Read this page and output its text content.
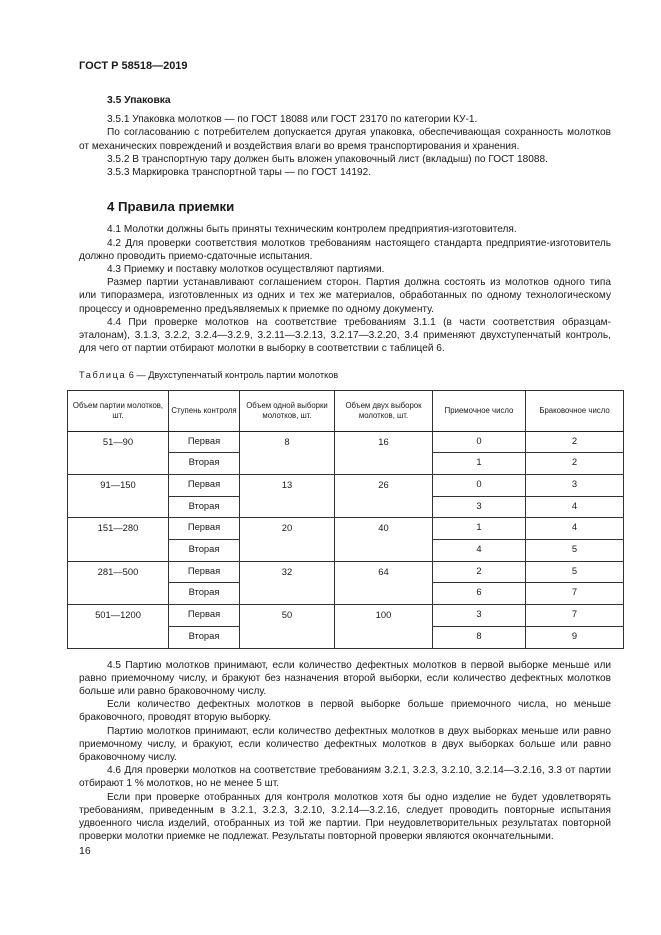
ГОСТ Р 58518—2019
3.5 Упаковка

3.5.1 Упаковка молотков — по ГОСТ 18088 или ГОСТ 23170 по категории КУ-1.

По согласованию с потребителем допускается другая упаковка, обеспечивающая сохранность молотков от механических повреждений и воздействия влаги во время транспортирования и хранения.

3.5.2 В транспортную тару должен быть вложен упаковочный лист (вкладыш) по ГОСТ 18088.

3.5.3 Маркировка транспортной тары — по ГОСТ 14192.

4 Правила приемки

4.1 Молотки должны быть приняты техническим контролем предприятия-изготовителя.

4.2 Для проверки соответствия молотков требованиям настоящего стандарта предприятие-изготовитель должно проводить приемо-сдаточные испытания.

4.3 Приемку и поставку молотков осуществляют партиями.

Размер партии устанавливают соглашением сторон. Партия должна состоять из молотков одного типа или типоразмера, изготовленных из одних и тех же материалов, обработанных по одному технологическому процессу и одновременно предъявляемых к приемке по одному документу.

4.4 При проверке молотков на соответствие требованиям 3.1.1 (в части соответствия образцам-эталонам), 3.1.3, 3.2.2, 3.2.4—3.2.9, 3.2.11—3.2.13, 3.2.17—3.2.20, 3.4 применяют двухступенчатый контроль, для чего от партии отбирают молотки в выборку в соответствии с таблицей 6.

Таблица 6 — Двухступенчатый контроль партии молотков
Объем партии молотков, шт.	Ступень контроля	Объем одной выборки молотков, шт.	Объем двух выборок молотков, шт.	Приемочное число	Браковочное число
51—90	Первая	8	16	0	2
	Вторая			1	2
91—150	Первая	13	26	0	3
	Вторая			3	4
151—280	Первая	20	40	1	4
	Вторая			4	5
281—500	Первая	32	64	2	5
	Вторая			6	7
501—1200	Первая	50	100	3	7
	Вторая			8	9

4.5 Партию молотков принимают, если количество дефектных молотков в первой выборке меньше или равно приемочному числу, и бракуют без назначения второй выборки, если количество дефектных молотков больше или равно браковочному числу.

Если количество дефектных молотков в первой выборке больше приемочного числа, но меньше браковочного, проводят вторую выборку.

Партию молотков принимают, если количество дефектных молотков в двух выборках меньше или равно приемочному числу, и бракуют, если количество дефектных молотков в двух выборках больше или равно браковочному числу.

4.6 Для проверки молотков на соответствие требованиям 3.2.1, 3.2.3, 3.2.10, 3.2.14—3.2.16, 3.3 от партии отбирают 1 % молотков, но не менее 5 шт.

Если при проверке отобранных для контроля молотков хотя бы одно изделие не будет удовлетворять требованиям, приведенным в 3.2.1, 3.2.3, 3.2.10, 3.2.14—3.2.16, следует проводить повторные испытания удвоенного числа изделий, отобранных из той же партии. При неудовлетворительных результатах повторной проверки молотки приемке не подлежат. Результаты повторной проверки являются окончательными.

16
